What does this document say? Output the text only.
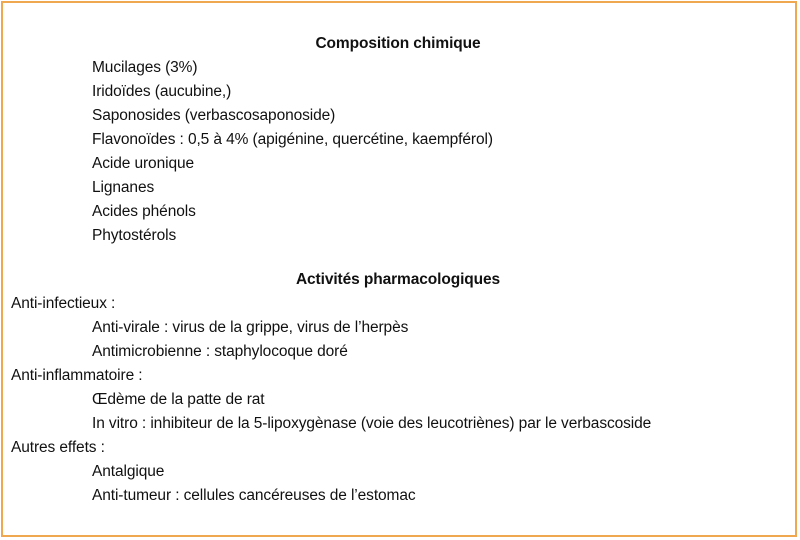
Composition chimique
Mucilages (3%)
Iridoïdes (aucubine,)
Saponosides (verbascosaponoside)
Flavonoïdes : 0,5 à 4% (apigénine, quercétine, kaempférol)
Acide uronique
Lignanes
Acides phénols
Phytostérols
Activités pharmacologiques
Anti-infectieux :
Anti-virale : virus de la grippe, virus de l’herpès
Antimicrobienne : staphylocoque doré
Anti-inflammatoire :
Œdème de la patte de rat
In vitro : inhibiteur de la 5-lipoxygènase (voie des leucotriènes) par le verbascoside
Autres effets :
Antalgique
Anti-tumeur : cellules cancéreuses de l’estomac
